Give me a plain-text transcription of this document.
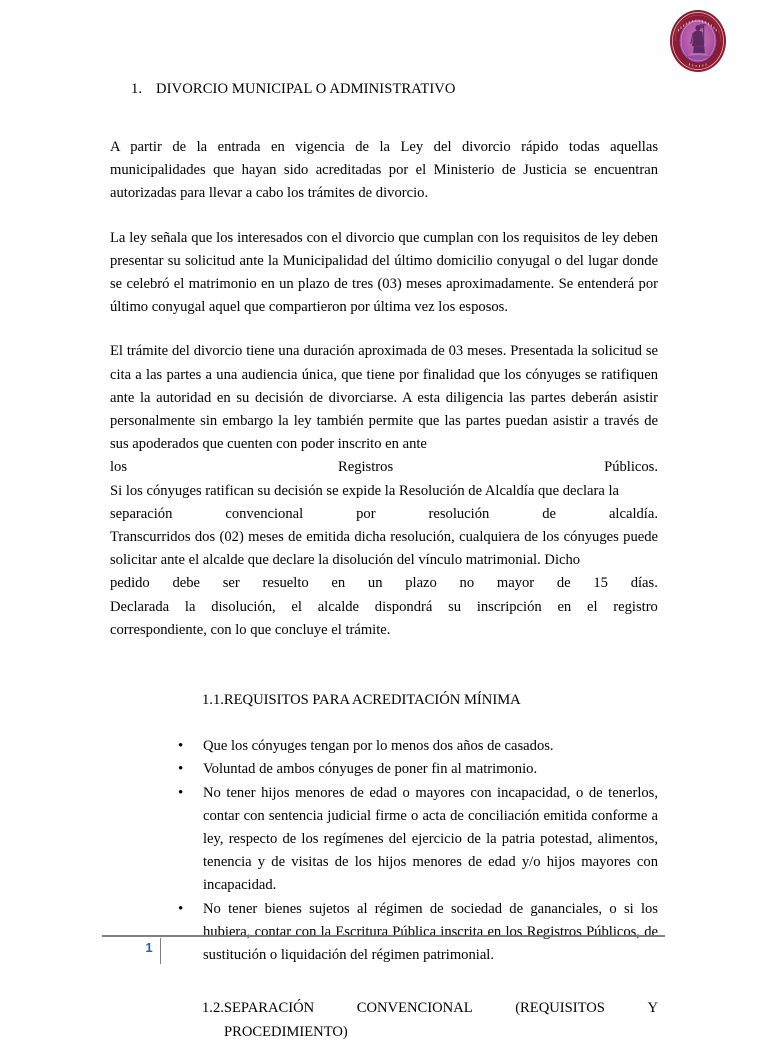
1. DIVORCIO MUNICIPAL O ADMINISTRATIVO

A partir de la entrada en vigencia de la Ley del divorcio rápido todas aquellas municipalidades que hayan sido acreditadas por el Ministerio de Justicia se encuentran autorizadas para llevar a cabo los trámites de divorcio.

La ley señala que los interesados con el divorcio que cumplan con los requisitos de ley deben presentar su solicitud ante la Municipalidad del último domicilio conyugal o del lugar donde se celebró el matrimonio en un plazo de tres (03) meses aproximadamente. Se entenderá por último conyugal aquel que compartieron por última vez los esposos.

El trámite del divorcio tiene una duración aproximada de 03 meses. Presentada la solicitud se cita a las partes a una audiencia única, que tiene por finalidad que los cónyuges se ratifiquen ante la autoridad en su decisión de divorciarse. A esta diligencia las partes deberán asistir personalmente sin embargo la ley también permite que las partes puedan asistir a través de sus apoderados que cuenten con poder inscrito en ante

los	Registros	Públicos.

Si los cónyuges ratifican su decisión se expide la Resolución de Alcaldía que declara la

separación	convencional	por	resolución	de	alcaldía.

Transcurridos dos (02) meses de emitida dicha resolución, cualquiera de los cónyuges puede solicitar ante el alcalde que declare la disolución del vínculo matrimonial. Dicho

pedido debe ser resuelto en un plazo no mayor de 15 días.
Declarada la disolución, el alcalde dispondrá su inscripción en el registro

correspondiente, con lo que concluye el trámite.

1.1.REQUISITOS PARA ACREDITACIÓN MÍNIMA

• Que los cónyuges tengan por lo menos dos años de casados.
• Voluntad de ambos cónyuges de poner fin al matrimonio.
• No tener hijos menores de edad o mayores con incapacidad, o de tenerlos, contar con sentencia judicial firme o acta de conciliación emitida conforme a ley, respecto de los regímenes del ejercicio de la patria potestad, alimentos, tenencia y de visitas de los hijos menores de edad y/o hijos mayores con incapacidad.
• No tener bienes sujetos al régimen de sociedad de gananciales, o si los hubiera, contar con la Escritura Pública inscrita en los Registros Públicos, de sustitución o liquidación del régimen patrimonial.
1.2.SEPARACIÓN	CONVENCIONAL	(REQUISITOS	Y
PROCEDIMIENTO)
1
